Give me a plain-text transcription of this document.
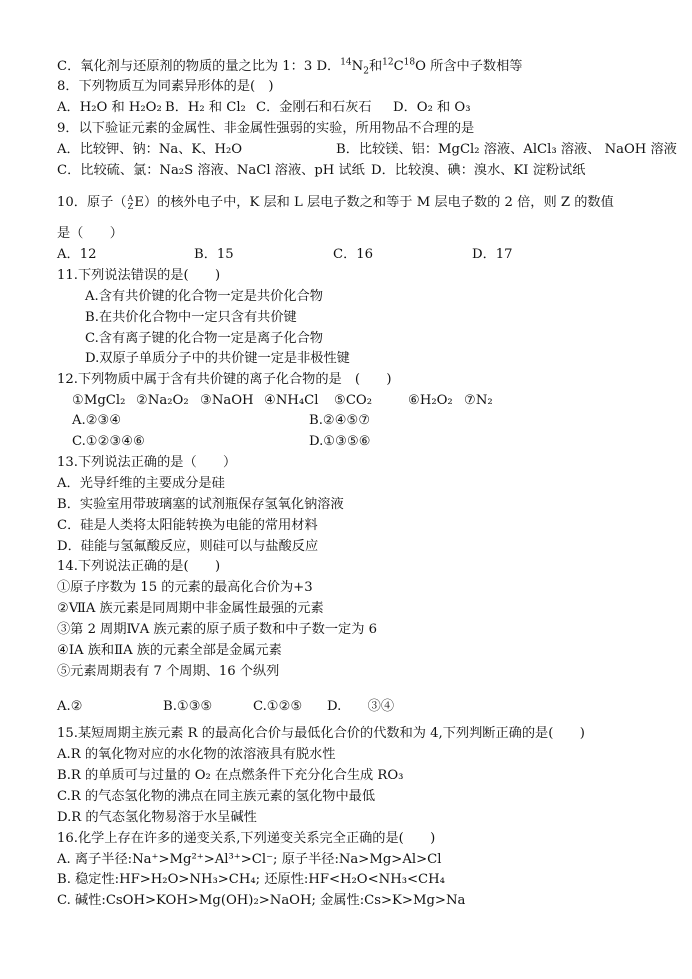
C．氧化剂与还原剂的物质的量之比为 1：3 D．$^{14}N_2$和$^{12}C^{18}O$ 所含中子数相等
8．下列物质互为同素异形体的是(　)
A．H₂O 和 H₂O₂ B．H₂ 和 Cl₂ C．金刚石和石灰石 D．O₂ 和 O₃
9．以下验证元素的金属性、非金属性强弱的实验，所用物品不合理的是
A．比较钾、钠：Na、K、H₂O	B．比较镁、铝：MgCl₂ 溶液、AlCl₃ 溶液、 NaOH 溶液
C．比较硫、氯：Na₂S 溶液、NaCl 溶液、pH 试纸 D．比较溴、碘：溴水、KI 淀粉试纸
10．原子（ A
Z E）的核外电子中，K 层和 L 层电子数之和等于 M 层电子数的 2 倍，则 Z 的数值
是（　　）
A．12	B．15	C．16	D．17
11.下列说法错误的是(　　)
A.含有共价键的化合物一定是共价化合物
B.在共价化合物中一定只含有共价键
C.含有离子键的化合物一定是离子化合物
D.双原子单质分子中的共价键一定是非极性键
12.下列物质中属于含有共价键的离子化合物的是　(　　)
①MgCl₂ ②Na₂O₂ ③NaOH ④NH₄Cl ⑤CO₂	⑥H₂O₂ ⑦N₂
A.②③④	B.②④⑤⑦
C.①②③④⑥	D.①③⑤⑥
13.下列说法正确的是（　　）
A．光导纤维的主要成分是硅
B．实验室用带玻璃塞的试剂瓶保存氢氧化钠溶液
C．硅是人类将太阳能转换为电能的常用材料
D．硅能与氢氟酸反应，则硅可以与盐酸反应
14.下列说法正确的是(　　)
①原子序数为 15 的元素的最高化合价为+3
②ⅦA 族元素是同周期中非金属性最强的元素
③第 2 周期ⅣA 族元素的原子质子数和中子数一定为 6
④ⅠA 族和ⅡA 族的元素全部是金属元素
⑤元素周期表有 7 个周期、16 个纵列
A.②	B.①③⑤	C.①②⑤ D.　　③④
15.某短周期主族元素 R 的最高化合价与最低化合价的代数和为 4,下列判断正确的是(　　)
A.R 的氧化物对应的水化物的浓溶液具有脱水性
B.R 的单质可与过量的 O₂ 在点燃条件下充分化合生成 RO₃
C.R 的气态氢化物的沸点在同主族元素的氢化物中最低
D.R 的气态氢化物易溶于水呈碱性
16.化学上存在许多的递变关系,下列递变关系完全正确的是(　　)
A. 离子半径:Na⁺>Mg²⁺>Al³⁺>Cl⁻; 原子半径:Na>Mg>Al>Cl
B. 稳定性:HF>H₂O>NH₃>CH₄; 还原性:HF<H₂O<NH₃<CH₄
C. 碱性:CsOH>KOH>Mg(OH)₂>NaOH; 金属性:Cs>K>Mg>Na
